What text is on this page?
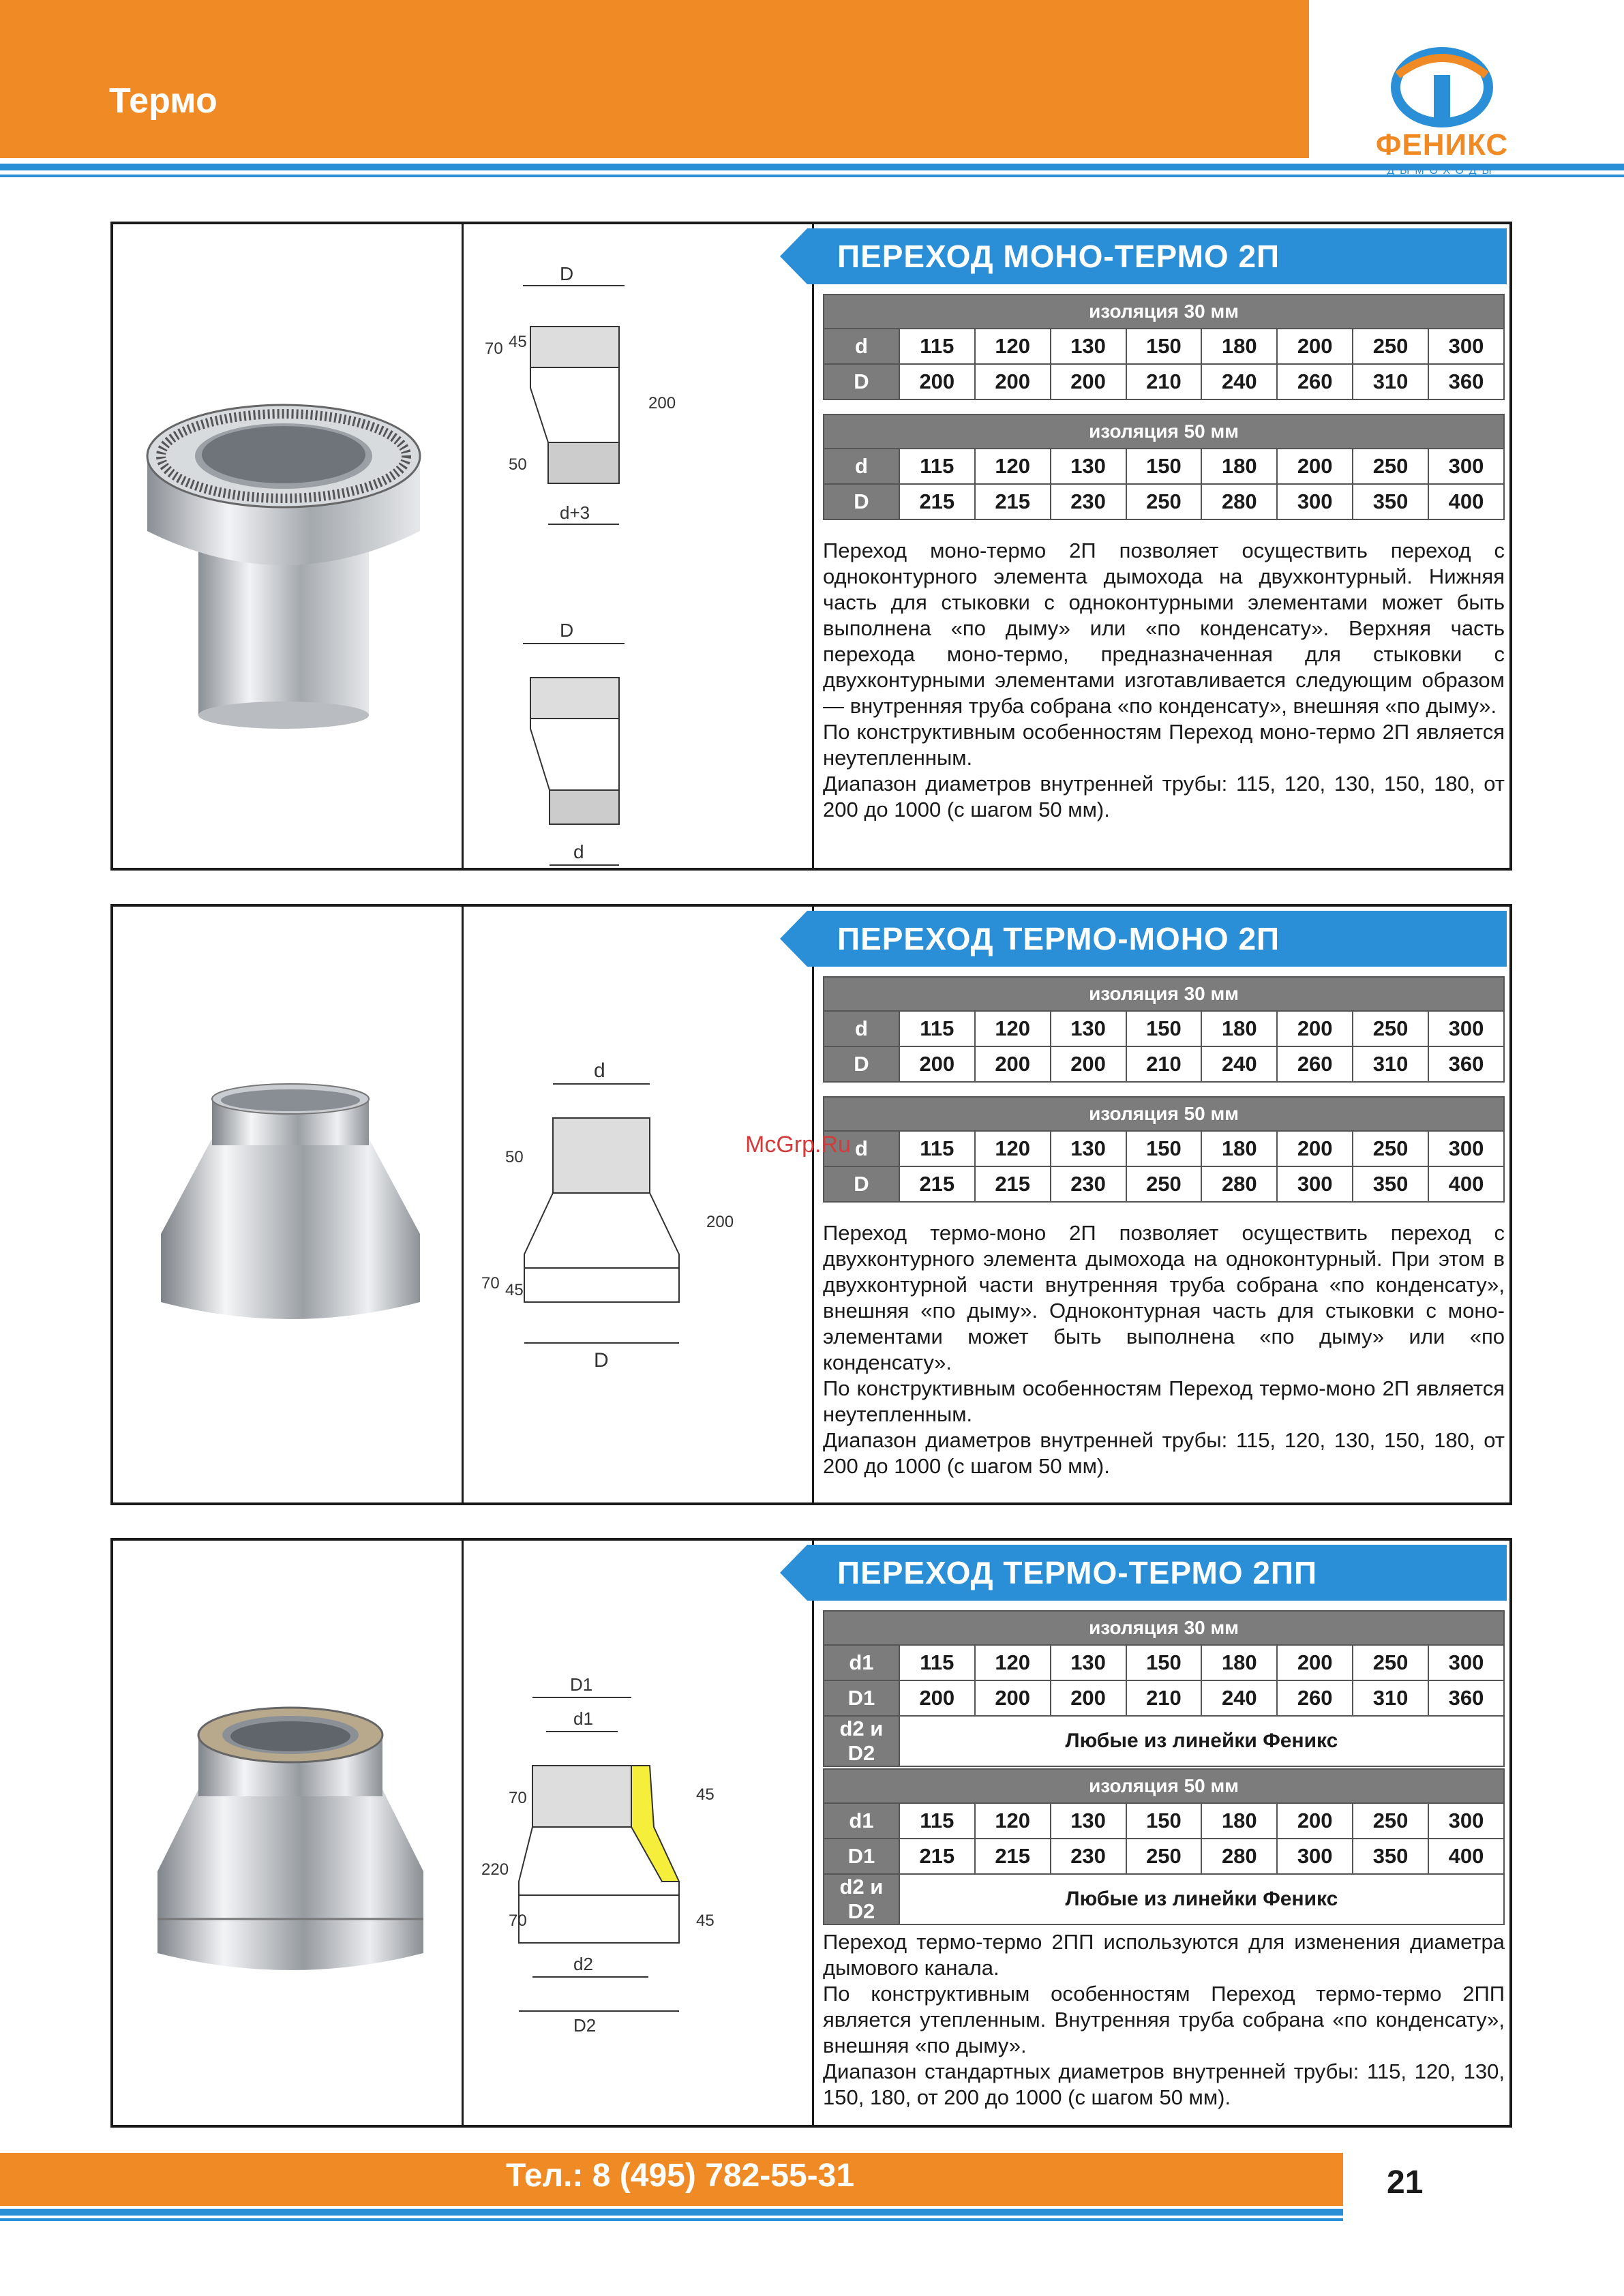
Термо
ФЕНИКС
ДЫМОХОДЫ
D
d+3
70 45
50
200
D
d
ПЕРЕХОД МОНО-ТЕРМО 2П
изоляция 30 мм								
d	115	120	130	150	180	200	250	300
D	200	200	200	210	240	260	310	360
изоляция 50 мм								
d	115	120	130	150	180	200	250	300
D	215	215	230	250	280	300	350	400

Переход моно-термо 2П позволяет осуществить переход с одноконтурного элемента дымохода на двухконтурный. Нижняя часть для стыковки с одноконтурными элементами может быть выполнена «по дыму» или «по конденсату». Верхняя часть перехода моно-термо, предназначенная для стыковки с двухконтурными элементами изготавливается следующим образом — внутренняя труба собрана «по конденсату», внешняя «по дыму».

По конструктивным особенностям Переход моно-термо 2П является неутепленным.

Диапазон диаметров внутренней трубы: 115, 120, 130, 150, 180, от 200 до 1000 (с шагом 50 мм).

d
D
50
200
70 45
ПЕРЕХОД ТЕРМО-МОНО 2П
изоляция 30 мм								
d	115	120	130	150	180	200	250	300
D	200	200	200	210	240	260	310	360
изоляция 50 мм								
d	115	120	130	150	180	200	250	300
D	215	215	230	250	280	300	350	400

Переход термо-моно 2П позволяет осуществить переход с двухконтурного элемента дымохода на одноконтурный. При этом в двухконтурной части внутренняя труба собрана «по конденсату», внешняя «по дыму». Одноконтурная часть для стыковки с моно-элементами может быть выполнена «по дыму» или «по конденсату».

По конструктивным особенностям Переход термо-моно 2П является неутепленным.

Диапазон диаметров внутренней трубы: 115, 120, 130, 150, 180, от 200 до 1000 (с шагом 50 мм).

McGrp.Ru
D1
d1
d2
D2
220
70
70
45
45
ПЕРЕХОД ТЕРМО-ТЕРМО 2ПП
изоляция 30 мм								
d1	115	120	130	150	180	200	250	300
D1	200	200	200	210	240	260	310	360
d2 и D2	Любые из линейки Феникс							
изоляция 50 мм								
d1	115	120	130	150	180	200	250	300
D1	215	215	230	250	280	300	350	400
d2 и D2	Любые из линейки Феникс							

Переход термо-термо 2ПП используются для изменения диаметра дымового канала.

По конструктивным особенностям Переход термо-термо 2ПП является утепленным. Внутренняя труба собрана «по конденсату», внешняя «по дыму».

Диапазон стандартных диаметров внутренней трубы: 115, 120, 130, 150, 180, от 200 до 1000 (с шагом 50 мм).

Тел.: 8 (495) 782-55-31	21
